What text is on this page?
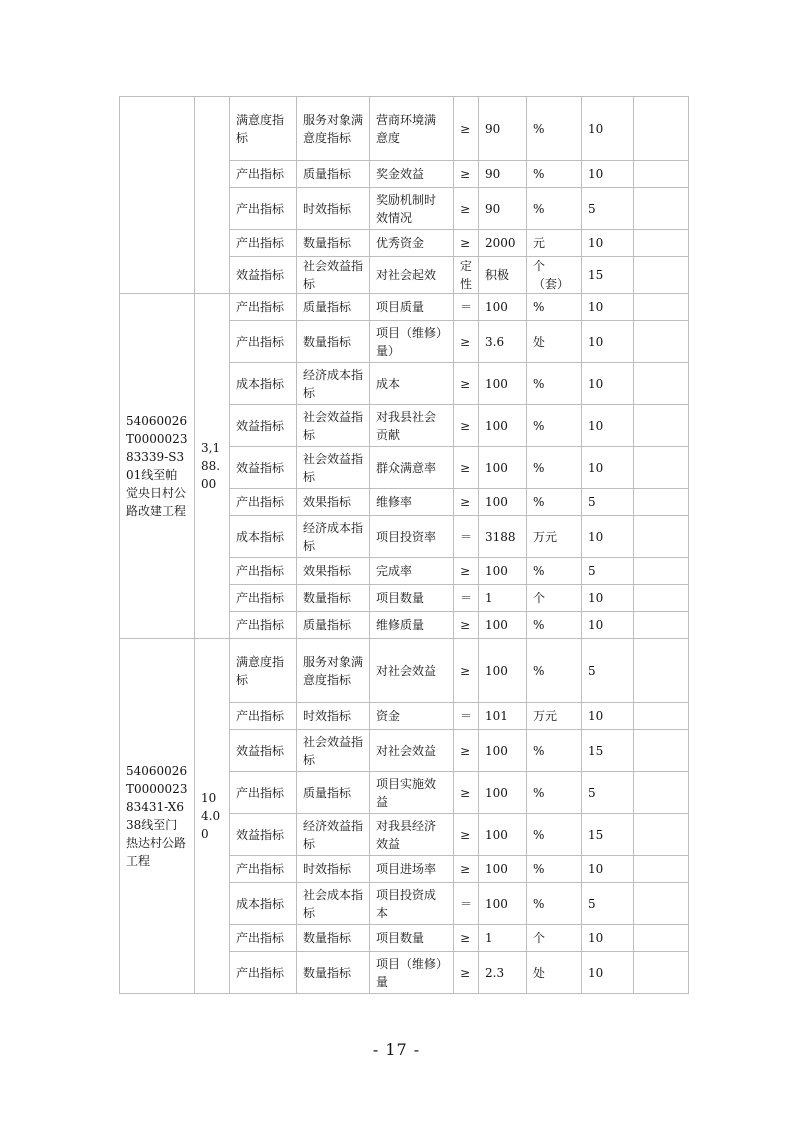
		满意度指标	服务对象满意度指标	营商环境满意度	≥	90	%	10	
		产出指标	质量指标	奖金效益	≥	90	%	10	
		产出指标	时效指标	奖励机制时效情况	≥	90	%	5	
		产出指标	数量指标	优秀资金	≥	2000	元	10	
		效益指标	社会效益指标	对社会起效	定性	积极	个（套）	15	
54060026T000002383339-S301线至帕觉央日村公路改建工程	3,188.00	产出指标	质量指标	项目质量	＝	100	%	10	
		产出指标	数量指标	项目（维修）量）	≥	3.6	处	10	
		成本指标	经济成本指标	成本	≥	100	%	10	
		效益指标	社会效益指标	对我县社会贡献	≥	100	%	10	
		效益指标	社会效益指标	群众满意率	≥	100	%	10	
		产出指标	效果指标	维修率	≥	100	%	5	
		成本指标	经济成本指标	项目投资率	＝	3188	万元	10	
		产出指标	效果指标	完成率	≥	100	%	5	
		产出指标	数量指标	项目数量	＝	1	个	10	
		产出指标	质量指标	维修质量	≥	100	%	10	
54060026T000002383431-X638线至门热达村公路工程	104.00	满意度指标	服务对象满意度指标	对社会效益	≥	100	%	5	
		产出指标	时效指标	资金	＝	101	万元	10	
		效益指标	社会效益指标	对社会效益	≥	100	%	15	
		产出指标	质量指标	项目实施效益	≥	100	%	5	
		效益指标	经济效益指标	对我县经济效益	≥	100	%	15	
		产出指标	时效指标	项目进场率	≥	100	%	10	
		成本指标	社会成本指标	项目投资成本	＝	100	%	5	
		产出指标	数量指标	项目数量	≥	1	个	10	
		产出指标	数量指标	项目（维修）量	≥	2.3	处	10	
- 17 -
